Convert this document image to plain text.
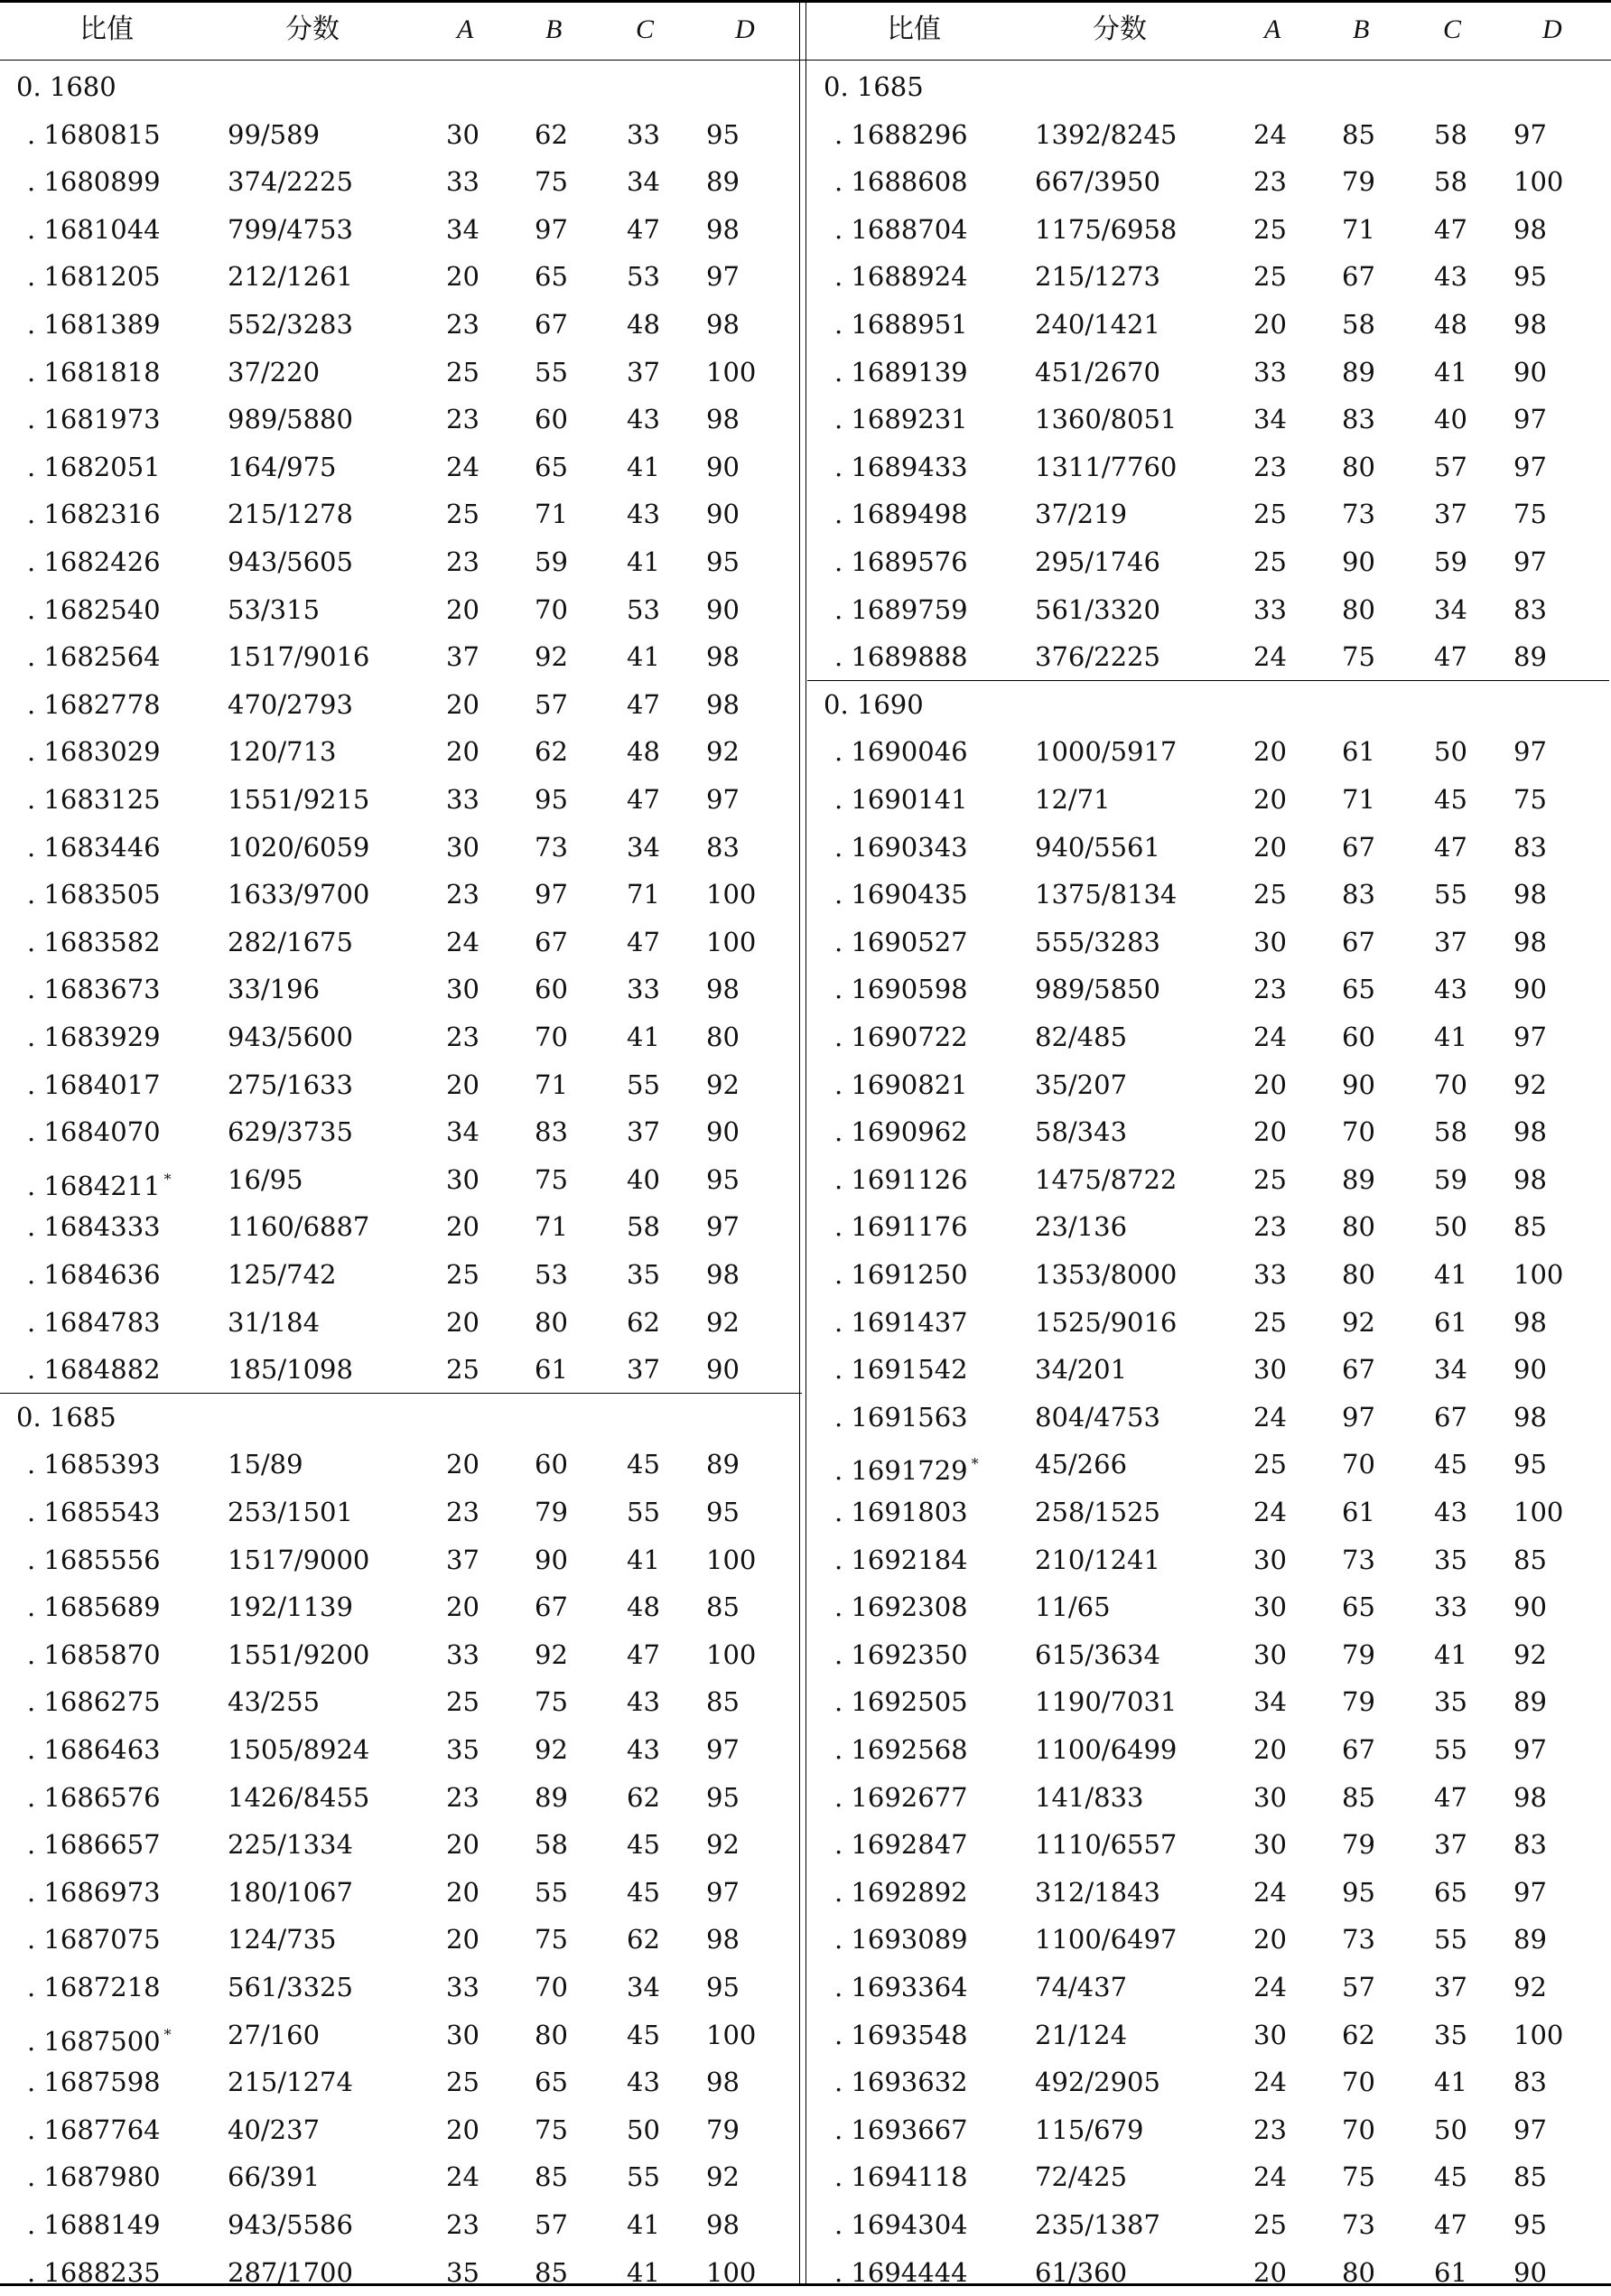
比值	分数	A	B	C	D
0. 1680
. 1680815	99/589	30 62 33 95
. 1680899	374/2225	33 75 34 89
. 1681044	799/4753	34 97 47 98
. 1681205	212/1261	20 65 53 97
. 1681389	552/3283	23 67 48 98
. 1681818	37/220	25 55 37 100
. 1681973	989/5880	23 60 43 98
. 1682051	164/975	24 65 41 90
. 1682316	215/1278	25 71 43 90
. 1682426	943/5605	23 59 41 95
. 1682540	53/315	20 70 53 90
. 1682564	1517/9016	37 92 41 98
. 1682778	470/2793	20 57 47 98
. 1683029	120/713	20 62 48 92
. 1683125	1551/9215	33 95 47 97
. 1683446	1020/6059	30 73 34 83
. 1683505	1633/9700	23 97 71 100
. 1683582	282/1675	24 67 47 100
. 1683673	33/196	30 60 33 98
. 1683929	943/5600	23 70 41 80
. 1684017	275/1633	20 71 55 92
. 1684070	629/3735	34 83 37 90
. 1684211 * 16/95	30 75 40 95
. 1684333	1160/6887	20 71 58 97
. 1684636	125/742	25 53 35 98
. 1684783	31/184	20 80 62 92
. 1684882	185/1098	25 61 37 90
0. 1685
. 1685393	15/89	20 60 45 89
. 1685543	253/1501	23 79 55 95
. 1685556	1517/9000	37 90 41 100
. 1685689	192/1139	20 67 48 85
. 1685870	1551/9200	33 92 47 100
. 1686275	43/255	25 75 43 85
. 1686463	1505/8924	35 92 43 97
. 1686576	1426/8455	23 89 62 95
. 1686657	225/1334	20 58 45 92
. 1686973	180/1067	20 55 45 97
. 1687075	124/735	20 75 62 98
. 1687218	561/3325	33 70 34 95
. 1687500 * 27/160	30 80 45 100
. 1687598	215/1274	25 65 43 98
. 1687764	40/237	20 75 50 79
. 1687980	66/391	24 85 55 92
. 1688149	943/5586	23 57 41 98
. 1688235	287/1700	35 85 41 100
比值	分数	A	B	C	D
0. 1685
. 1688296	1392/8245	24 85 58 97
. 1688608	667/3950	23 79 58 100
. 1688704	1175/6958	25 71 47 98
. 1688924	215/1273	25 67 43 95
. 1688951	240/1421	20 58 48 98
. 1689139	451/2670	33 89 41 90
. 1689231	1360/8051	34 83 40 97
. 1689433	1311/7760	23 80 57 97
. 1689498	37/219	25 73 37 75
. 1689576	295/1746	25 90 59 97
. 1689759	561/3320	33 80 34 83
. 1689888	376/2225	24 75 47 89
0. 1690
. 1690046	1000/5917	20 61 50 97
. 1690141	12/71	20 71 45 75
. 1690343	940/5561	20 67 47 83
. 1690435	1375/8134	25 83 55 98
. 1690527	555/3283	30 67 37 98
. 1690598	989/5850	23 65 43 90
. 1690722	82/485	24 60 41 97
. 1690821	35/207	20 90 70 92
. 1690962	58/343	20 70 58 98
. 1691126	1475/8722	25 89 59 98
. 1691176	23/136	23 80 50 85
. 1691250	1353/8000	33 80 41 100
. 1691437	1525/9016	25 92 61 98
. 1691542	34/201	30 67 34 90
. 1691563	804/4753	24 97 67 98
. 1691729 * 45/266	25 70 45 95
. 1691803	258/1525	24 61 43 100
. 1692184	210/1241	30 73 35 85
. 1692308	11/65	30 65 33 90
. 1692350	615/3634	30 79 41 92
. 1692505	1190/7031	34 79 35 89
. 1692568	1100/6499	20 67 55 97
. 1692677	141/833	30 85 47 98
. 1692847	1110/6557	30 79 37 83
. 1692892	312/1843	24 95 65 97
. 1693089	1100/6497	20 73 55 89
. 1693364	74/437	24 57 37 92
. 1693548	21/124	30 62 35 100
. 1693632	492/2905	24 70 41 83
. 1693667	115/679	23 70 50 97
. 1694118	72/425	24 75 45 85
. 1694304	235/1387	25 73 47 95
. 1694444	61/360	20 80 61 90
